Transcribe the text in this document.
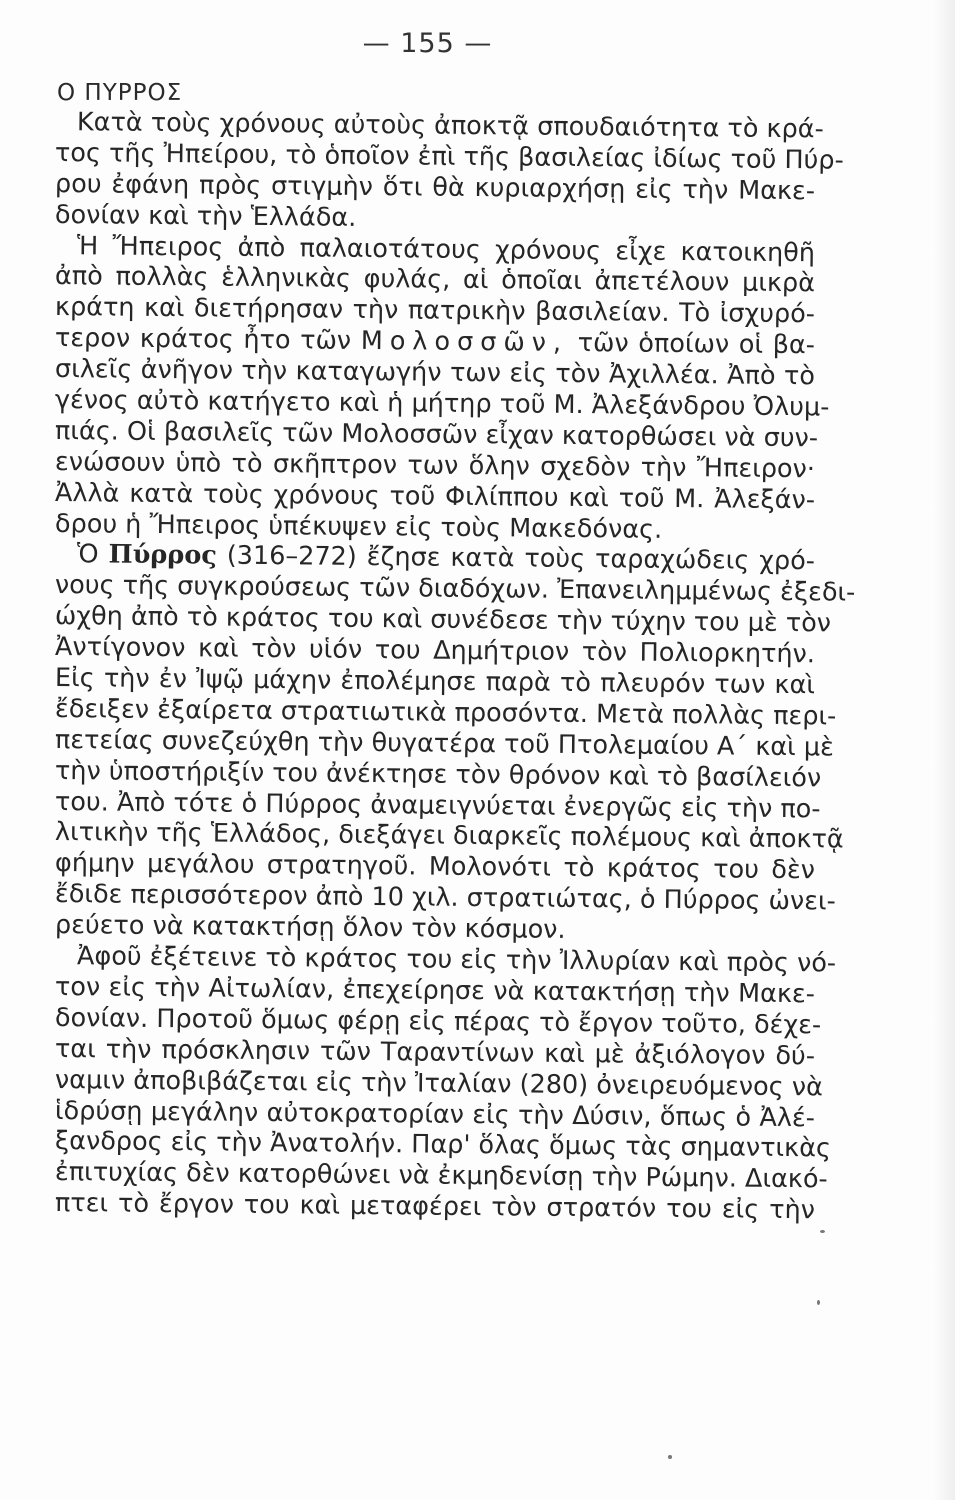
— 155 —
Ο ΠΥΡΡΟΣ
Κατὰ τοὺς χρόνους αὐτοὺς ἀποκτᾷ σπουδαιότητα τὸ κρά-
τος τῆς Ἠπείρου, τὸ ὁποῖον ἐπὶ τῆς βασιλείας ἰδίως τοῦ Πύρ-
ρου ἐφάνη πρὸς στιγμὴν ὅτι θὰ κυριαρχήσῃ εἰς τὴν Μακε-
δονίαν καὶ τὴν Ἑλλάδα.
Ἡ Ἤπειρος ἀπὸ παλαιοτάτους χρόνους εἶχε κατοικηθῆ
ἀπὸ πολλὰς ἑλληνικὰς φυλάς, αἱ ὁποῖαι ἀπετέλουν μικρὰ
κράτη καὶ διετήρησαν τὴν πατρικὴν βασιλείαν. Τὸ ἰσχυρό-
τερον κράτος ἦτο τῶν Μολοσσῶν, τῶν ὁποίων οἱ βα-
σιλεῖς ἀνῆγον τὴν καταγωγήν των εἰς τὸν Ἀχιλλέα. Ἀπὸ τὸ
γένος αὐτὸ κατήγετο καὶ ἡ μήτηρ τοῦ Μ. Ἀλεξάνδρου Ὀλυμ-
πιάς. Οἱ βασιλεῖς τῶν Μολοσσῶν εἶχαν κατορθώσει νὰ συν-
ενώσουν ὑπὸ τὸ σκῆπτρον των ὅλην σχεδὸν τὴν Ἤπειρον·
Ἀλλὰ κατὰ τοὺς χρόνους τοῦ Φιλίππου καὶ τοῦ Μ. Ἀλεξάν-
δρου ἡ Ἤπειρος ὑπέκυψεν εἰς τοὺς Μακεδόνας.
Ὁ Πύρρος (316–272) ἔζησε κατὰ τοὺς ταραχώδεις χρό-
νους τῆς συγκρούσεως τῶν διαδόχων. Ἐπανειλημμένως ἐξεδι-
ώχθη ἀπὸ τὸ κράτος του καὶ συνέδεσε τὴν τύχην του μὲ τὸν
Ἀντίγονον καὶ τὸν υἱόν του Δημήτριον τὸν Πολιορκητήν.
Εἰς τὴν ἐν Ἰψῷ μάχην ἐπολέμησε παρὰ τὸ πλευρόν των καὶ
ἔδειξεν ἐξαίρετα στρατιωτικὰ προσόντα. Μετὰ πολλὰς περι-
πετείας συνεζεύχθη τὴν θυγατέρα τοῦ Πτολεμαίου Α΄ καὶ μὲ
τὴν ὑποστήριξίν του ἀνέκτησε τὸν θρόνον καὶ τὸ βασίλειόν
του. Ἀπὸ τότε ὁ Πύρρος ἀναμειγνύεται ἐνεργῶς εἰς τὴν πο-
λιτικὴν τῆς Ἑλλάδος, διεξάγει διαρκεῖς πολέμους καὶ ἀποκτᾷ
φήμην μεγάλου στρατηγοῦ. Μολονότι τὸ κράτος του δὲν
ἔδιδε περισσότερον ἀπὸ 10 χιλ. στρατιώτας, ὁ Πύρρος ὠνει-
ρεύετο νὰ κατακτήσῃ ὅλον τὸν κόσμον.
Ἀφοῦ ἐξέτεινε τὸ κράτος του εἰς τὴν Ἰλλυρίαν καὶ πρὸς νό-
τον εἰς τὴν Αἰτωλίαν, ἐπεχείρησε νὰ κατακτήσῃ τὴν Μακε-
δονίαν. Προτοῦ ὅμως φέρῃ εἰς πέρας τὸ ἔργον τοῦτο, δέχε-
ται τὴν πρόσκλησιν τῶν Ταραντίνων καὶ μὲ ἀξιόλογον δύ-
ναμιν ἀποβιβάζεται εἰς τὴν Ἰταλίαν (280) ὀνειρευόμενος νὰ
ἱδρύσῃ μεγάλην αὐτοκρατορίαν εἰς τὴν Δύσιν, ὅπως ὁ Ἀλέ-
ξανδρος εἰς τὴν Ἀνατολήν. Παρ' ὅλας ὅμως τὰς σημαντικὰς
ἐπιτυχίας δὲν κατορθώνει νὰ ἐκμηδενίσῃ τὴν Ρώμην. Διακό-
πτει τὸ ἔργον του καὶ μεταφέρει τὸν στρατόν του εἰς τὴν
